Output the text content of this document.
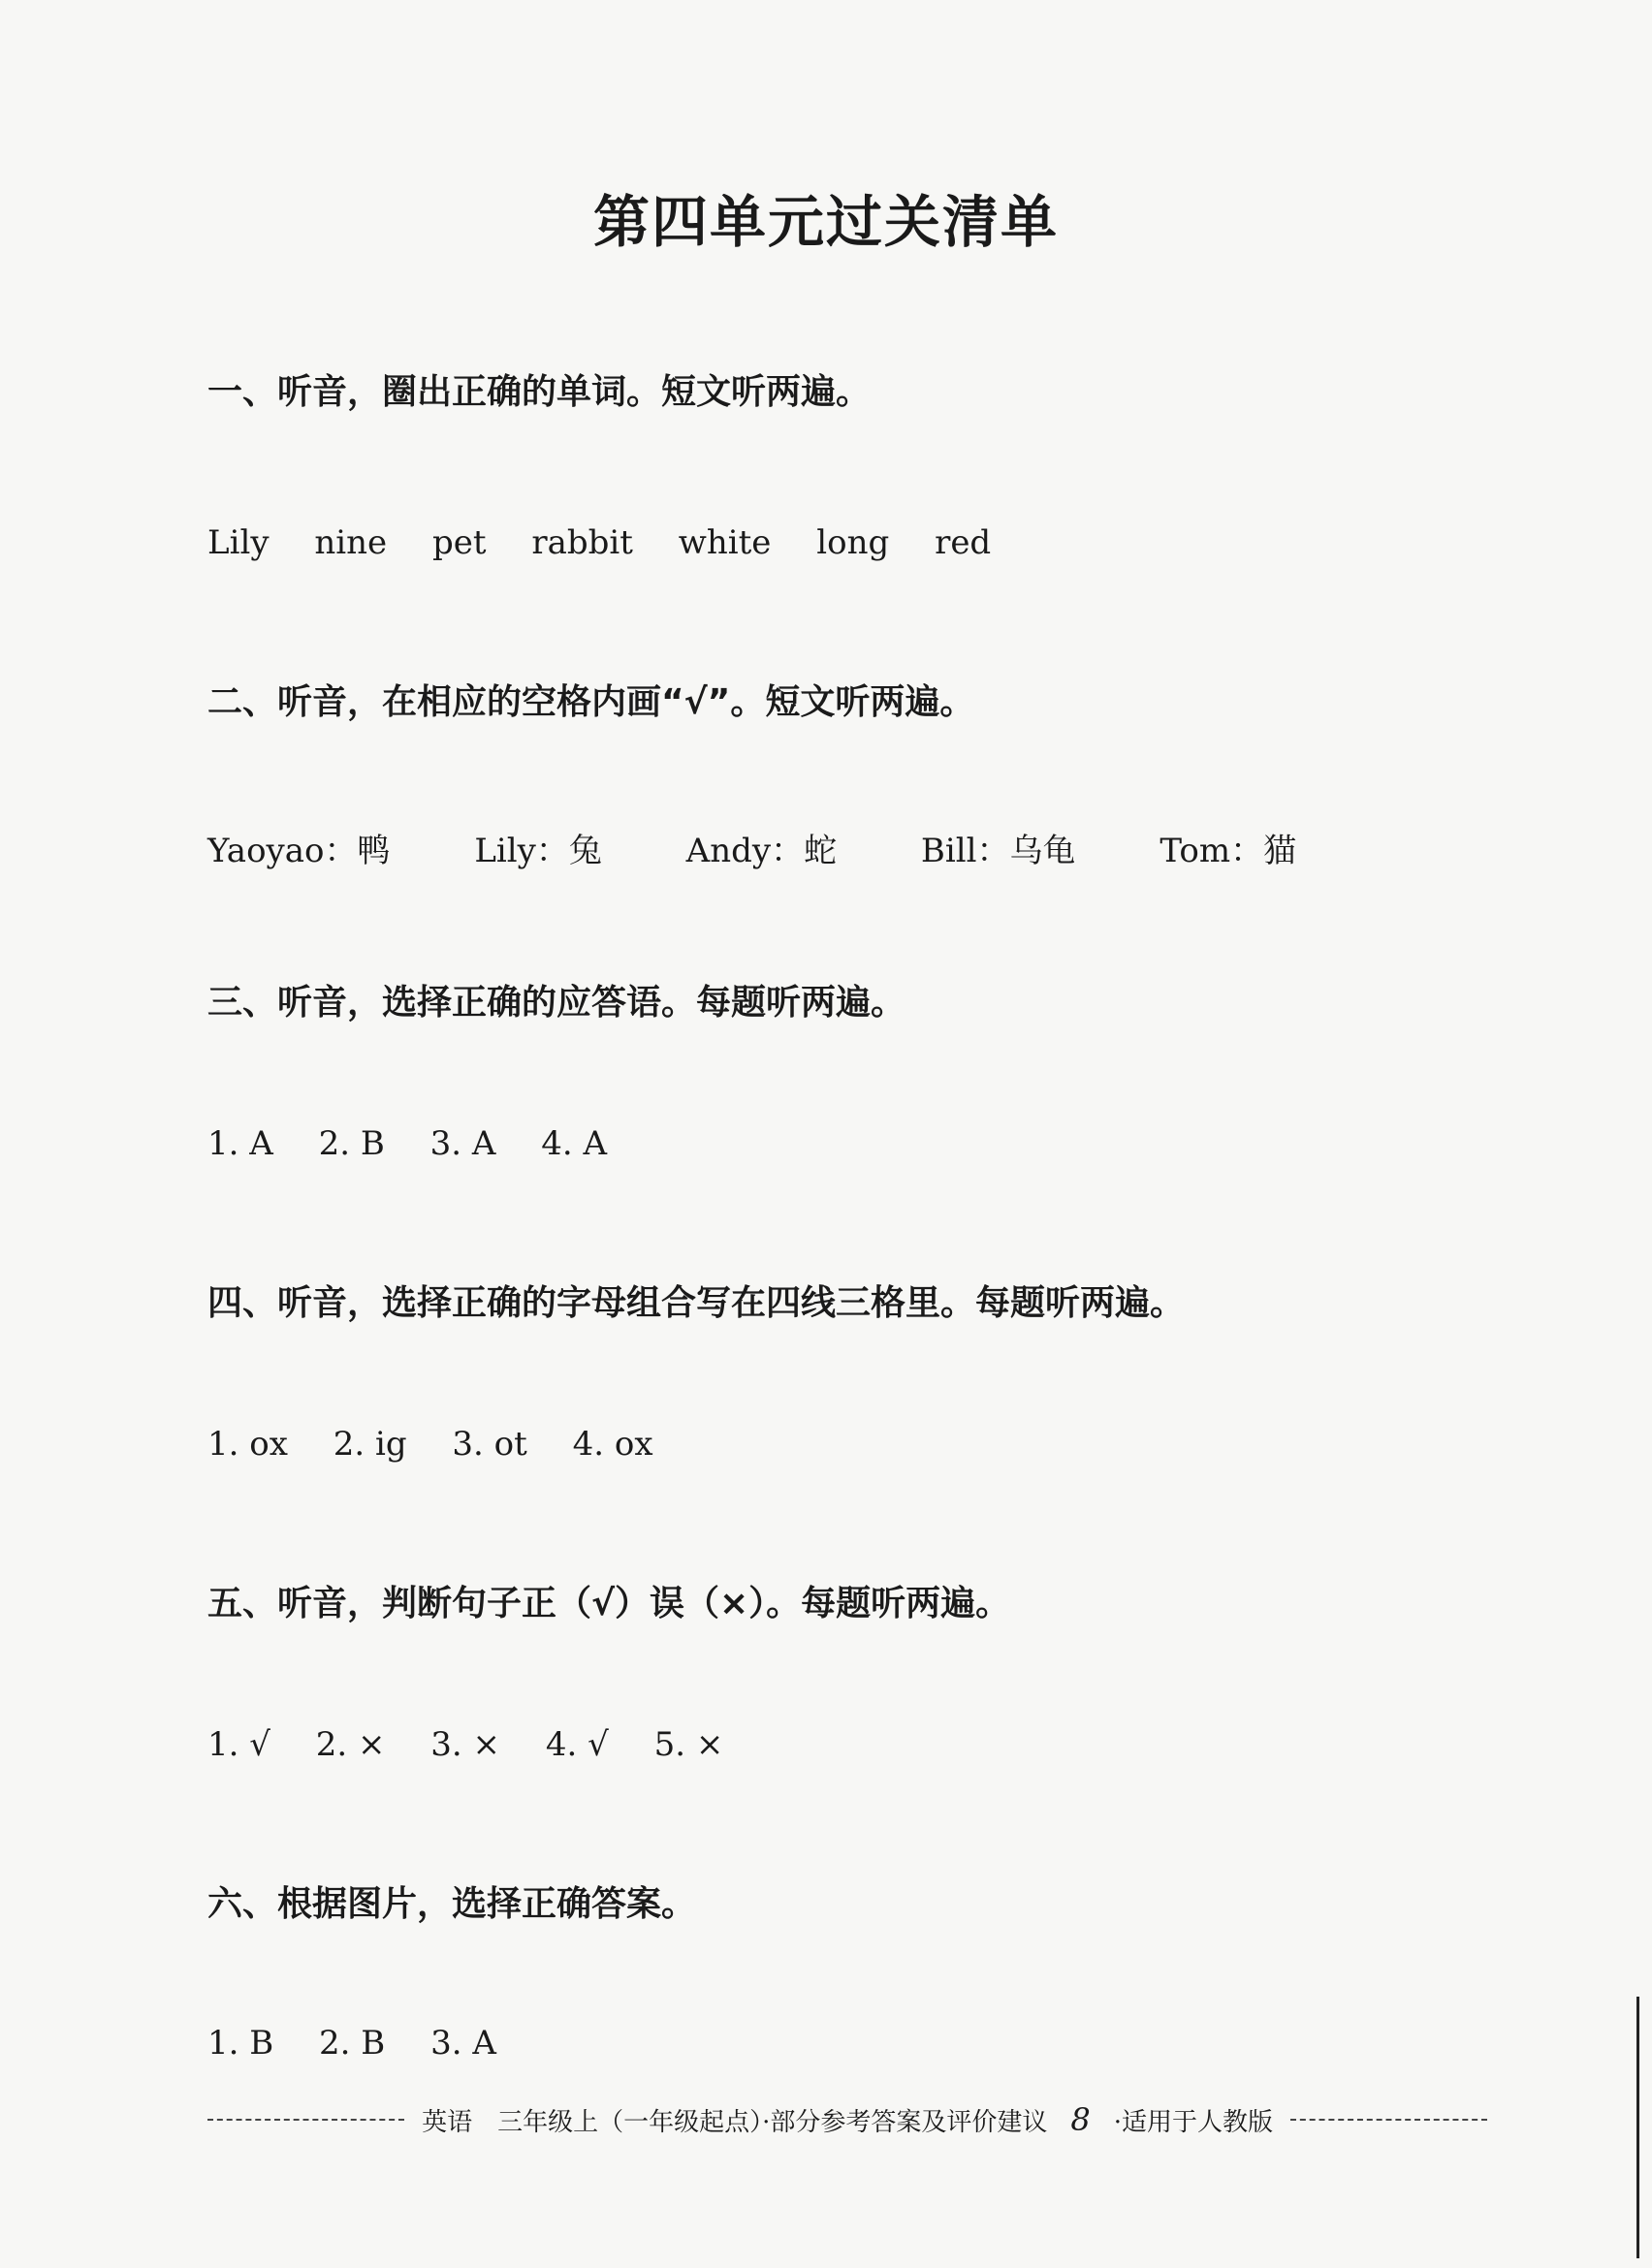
第四单元过关清单
一、听音，圈出正确的单词。短文听两遍。
Lily nine pet rabbit white long red
二、听音，在相应的空格内画“√”。短文听两遍。
Yaoyao：鸭	Lily：兔	Andy：蛇	Bill：乌龟	Tom：猫
三、听音，选择正确的应答语。每题听两遍。
1. A 2. B 3. A 4. A
四、听音，选择正确的字母组合写在四线三格里。每题听两遍。
1. ox 2. ig 3. ot 4. ox
五、听音，判断句子正（√）误（×）。每题听两遍。
1. √ 2. × 3. × 4. √ 5. ×
六、根据图片，选择正确答案。
1. B 2. B 3. A
英语　三年级上（一年级起点）·部分参考答案及评价建议 8 ·适用于人教版
